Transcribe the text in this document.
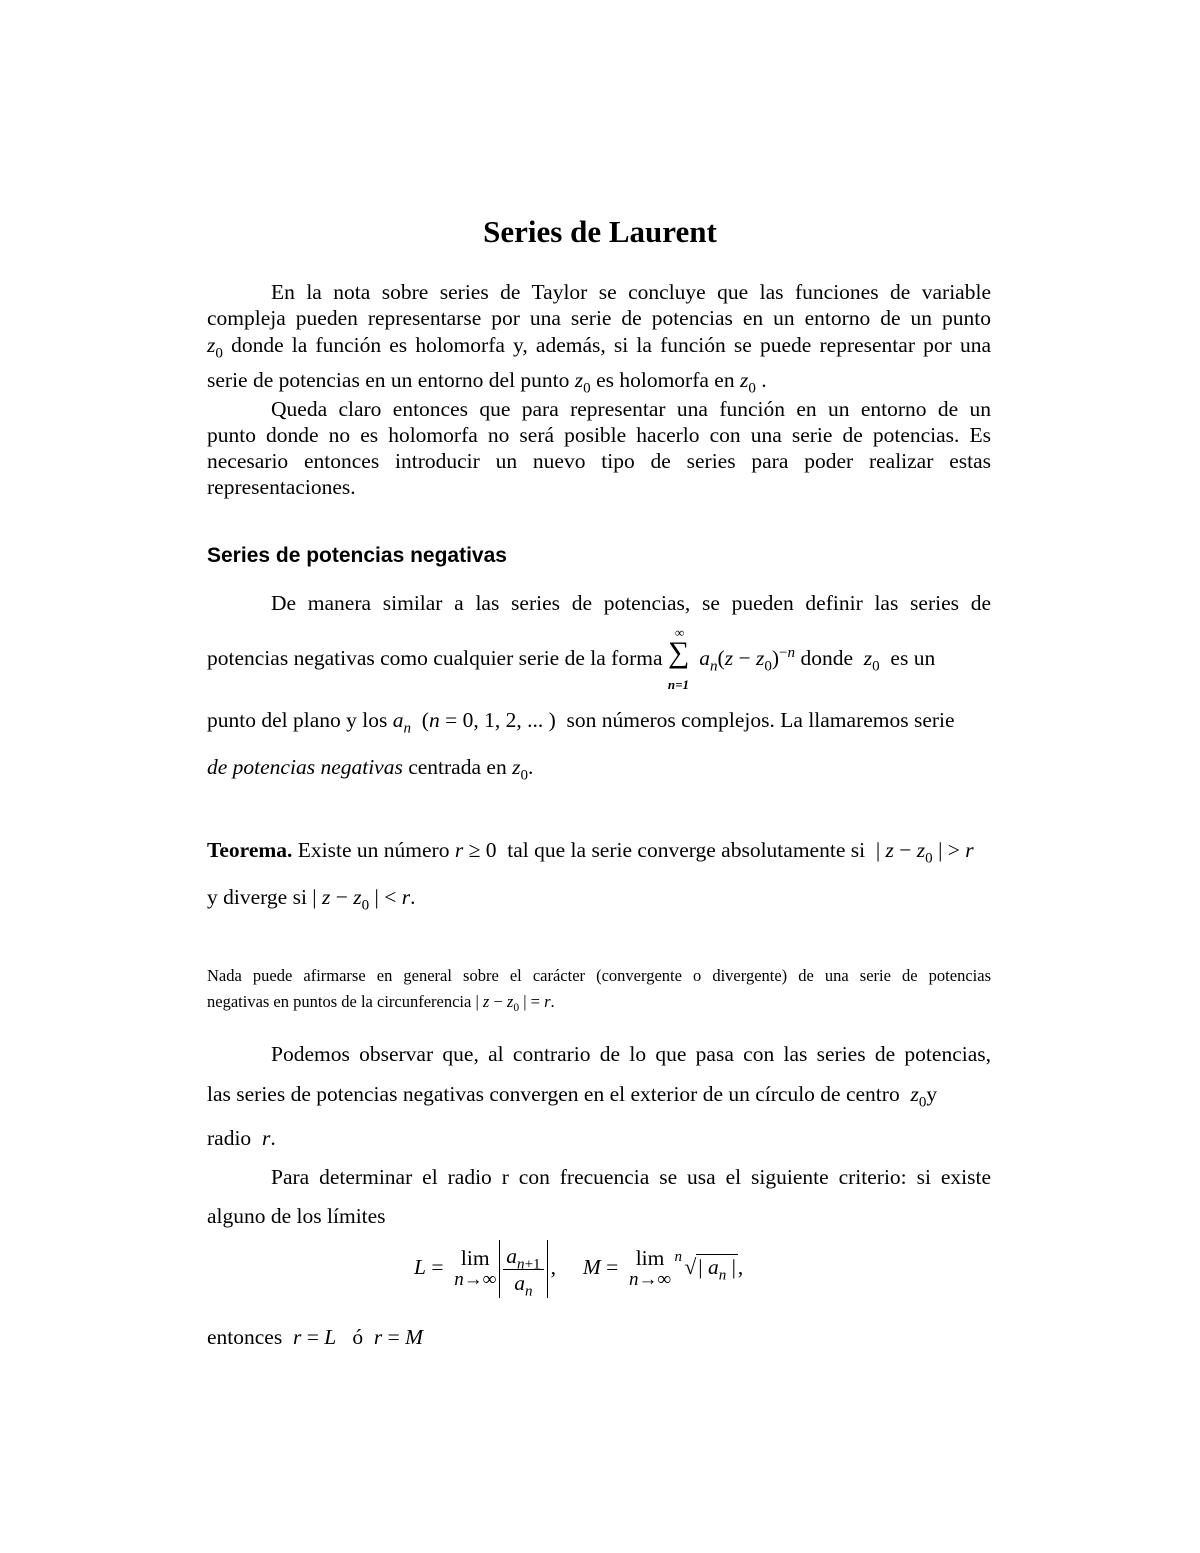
Series de Laurent
En la nota sobre series de Taylor se concluye que las funciones de variable
compleja pueden representarse por una serie de potencias en un entorno de un punto
$z_0$ donde la función es holomorfa y, además, si la función se puede representar por una
serie de potencias en un entorno del punto $z_0$ es holomorfa en $z_0$ .
Queda claro entonces que para representar una función en un entorno de un
punto donde no es holomorfa no será posible hacerlo con una serie de potencias. Es
necesario entonces introducir un nuevo tipo de series para poder realizar estas
representaciones.
Series de potencias negativas
De manera similar a las series de potencias, se pueden definir las series de
potencias negativas como cualquier serie de la forma ∑
∞
n=1
$a_n(z - z_0)^{-n}$ donde $z_0$ es un
punto del plano y los $a_n$  (n = 0, 1, 2, ... )  son números complejos. La llamaremos serie
de potencias negativas centrada en $z_0$.
Teorema. Existe un número r ≥ 0  tal que la serie converge absolutamente si  | $z - z_0$ | > r
y diverge si | $z - z_0$ | < r.
Nada puede afirmarse en general sobre el carácter (convergente o divergente) de una serie de potencias
negativas en puntos de la circunferencia | $z - z_0$ | = r.
Podemos observar que, al contrario de lo que pasa con las series de potencias,
las series de potencias negativas convergen en el exterior de un círculo de centro $z_0y$
radio r.
Para determinar el radio r con frecuencia se usa el siguiente criterio: si existe
alguno de los límites
L =  lim
$n\to\infty \frac{a_{n+1}}{a_n}$ ,     M =  lim
n→∞

n √| $a_n$ |,
entonces r = L ó r = M
